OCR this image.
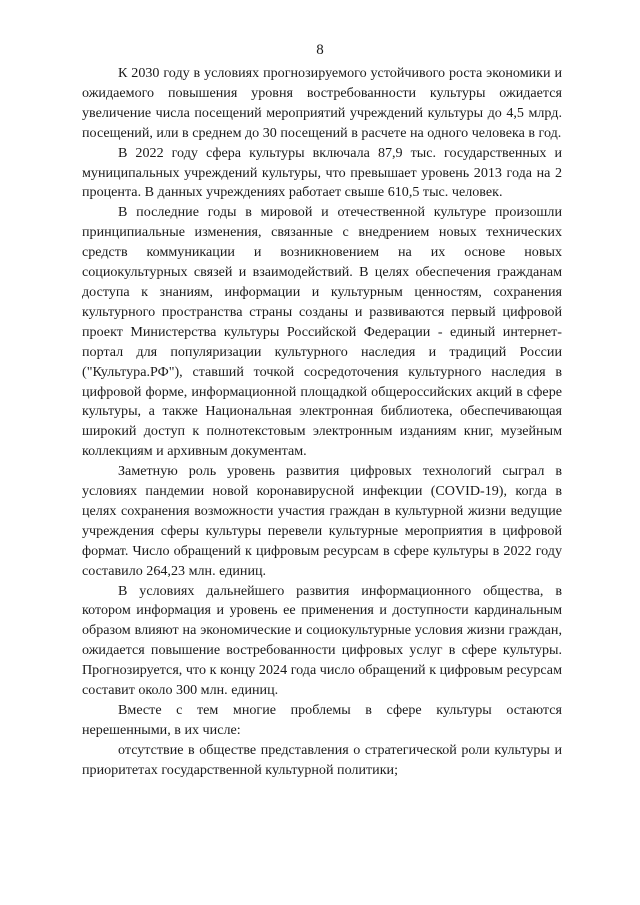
8

К 2030 году в условиях прогнозируемого устойчивого роста экономики и ожидаемого повышения уровня востребованности культуры ожидается увеличение числа посещений мероприятий учреждений культуры до 4,5 млрд. посещений, или в среднем до 30 посещений в расчете на одного человека в год.

В 2022 году сфера культуры включала 87,9 тыс. государственных и муниципальных учреждений культуры, что превышает уровень 2013 года на 2 процента. В данных учреждениях работает свыше 610,5 тыс. человек.

В последние годы в мировой и отечественной культуре произошли принципиальные изменения, связанные с внедрением новых технических средств коммуникации и возникновением на их основе новых социокультурных связей и взаимодействий. В целях обеспечения гражданам доступа к знаниям, информации и культурным ценностям, сохранения культурного пространства страны созданы и развиваются первый цифровой проект Министерства культуры Российской Федерации - единый интернет-портал для популяризации культурного наследия и традиций России ("Культура.РФ"), ставший точкой сосредоточения культурного наследия в цифровой форме, информационной площадкой общероссийских акций в сфере культуры, а также Национальная электронная библиотека, обеспечивающая широкий доступ к полнотекстовым электронным изданиям книг, музейным коллекциям и архивным документам.

Заметную роль уровень развития цифровых технологий сыграл в условиях пандемии новой коронавирусной инфекции (COVID-19), когда в целях сохранения возможности участия граждан в культурной жизни ведущие учреждения сферы культуры перевели культурные мероприятия в цифровой формат. Число обращений к цифровым ресурсам в сфере культуры в 2022 году составило 264,23 млн. единиц.

В условиях дальнейшего развития информационного общества, в котором информация и уровень ее применения и доступности кардинальным образом влияют на экономические и социокультурные условия жизни граждан, ожидается повышение востребованности цифровых услуг в сфере культуры. Прогнозируется, что к концу 2024 года число обращений к цифровым ресурсам составит около 300 млн. единиц.

Вместе с тем многие проблемы в сфере культуры остаются нерешенными, в их числе:

отсутствие в обществе представления о стратегической роли культуры и приоритетах государственной культурной политики;
